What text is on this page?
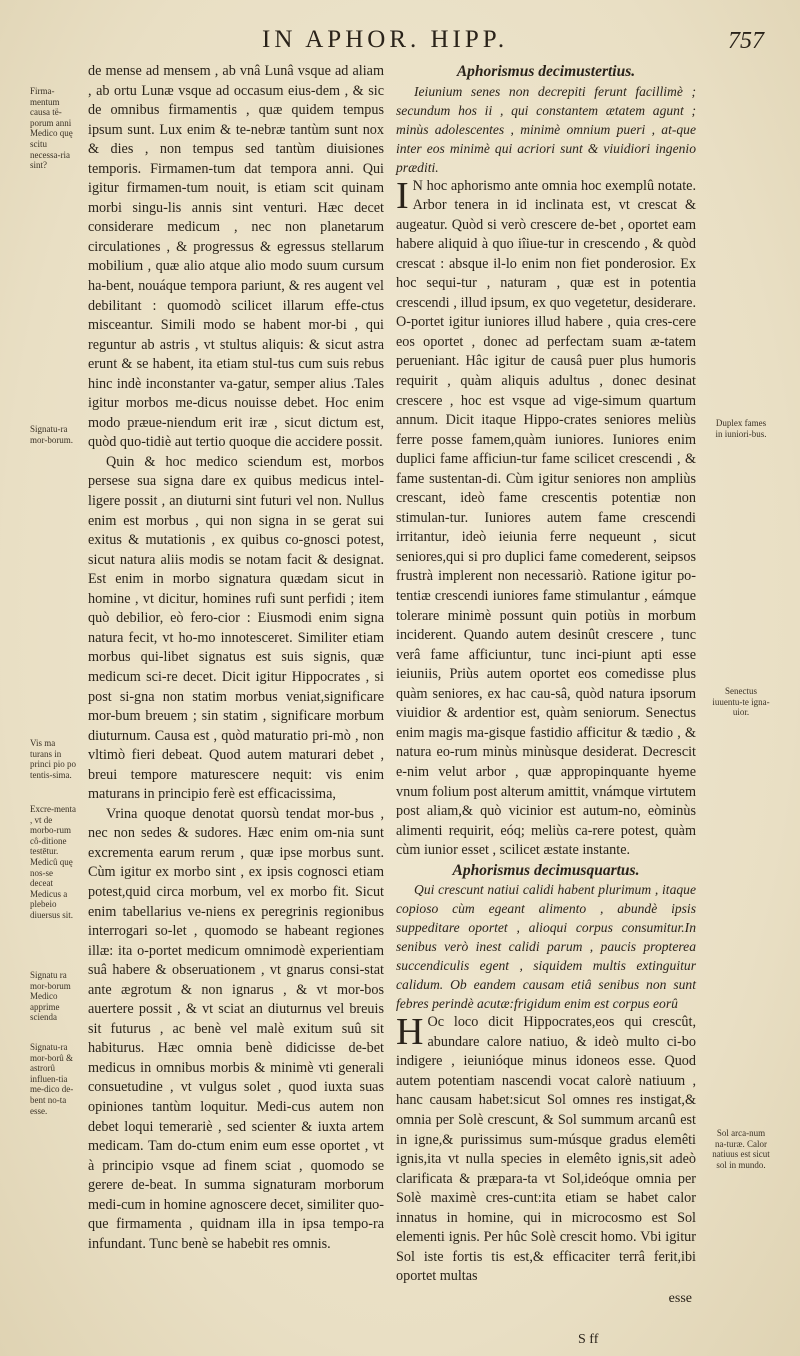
IN APHOR. HIPP.	757

de mense ad mensem , ab vnâ Lunâ vsque ad aliam , ab ortu Lunæ vsque ad occasum eius-dem , & sic de omnibus firmamentis , quæ quidem tempus ipsum sunt. Lux enim & te-nebræ tantùm sunt nox & dies , non tempus sed tantùm diuisiones temporis. Firmamen-tum dat tempora anni. Qui igitur firmamen-tum nouit, is etiam scit quinam morbi singu-lis annis sint venturi. Hæc decet considerare medicum , nec non planetarum circulationes , & progressus & egressus stellarum mobilium , quæ alio atque alio modo suum cursum ha-bent, nouáque tempora pariunt, & res augent vel debilitant : quomodò scilicet illarum effe-ctus misceantur. Simili modo se habent mor-bi , qui reguntur ab astris , vt stultus aliquis: & sicut astra erunt & se habent, ita etiam stul-tus cum suis rebus hinc indè inconstanter va-gatur, semper alius .Tales igitur morbos me-dicus nouisse debet. Hoc enim modo præue-niendum erit iræ , sicut dictum est, quòd quo-tidiè aut tertio quoque die accidere possit.

Quin & hoc medico sciendum est, morbos persese sua signa dare ex quibus medicus intel-ligere possit , an diuturni sint futuri vel non. Nullus enim est morbus , qui non signa in se gerat sui exitus & mutationis , ex quibus co-gnosci potest, sicut natura aliis modis se notam facit & designat. Est enim in morbo signatura quædam sicut in homine , vt dicitur, homines rufi sunt perfidi ; item quò debilior, eò fero-cior : Eiusmodi enim signa natura fecit, vt ho-mo innotesceret. Similiter etiam morbus qui-libet signatus est suis signis, quæ medicum sci-re decet. Dicit igitur Hippocrates , si post si-gna non statim morbus veniat,significare mor-bum breuem ; sin statim , significare morbum diuturnum. Causa est , quòd maturatio pri-mò , non vltimò fieri debeat. Quod autem maturari debet , breui tempore maturescere nequit: vis enim maturans in principio ferè est efficacissima,

Vrina quoque denotat quorsù tendat mor-bus , nec non sedes & sudores. Hæc enim om-nia sunt excrementa earum rerum , quæ ipse morbus sunt. Cùm igitur ex morbo sint , ex ipsis cognosci etiam potest,quid circa morbum, vel ex morbo fit. Sicut enim tabellarius ve-niens ex peregrinis regionibus interrogari so-let , quomodo se habeant regiones illæ: ita o-portet medicum omnimodè experientiam suâ habere & obseruationem , vt gnarus consi-stat ante ægrotum & non ignarus , & vt mor-bos auertere possit , & vt sciat an diuturnus vel breuis sit futurus , ac benè vel malè exitum suû sit habiturus. Hæc omnia benè didicisse de-bet medicus in omnibus morbis & minimè vti generali consuetudine , vt vulgus solet , quod iuxta suas opiniones tantùm loquitur. Medi-cus autem non debet loqui temerariè , sed scienter & iuxta artem medicam. Tam do-ctum enim eum esse oportet , vt à principio vsque ad finem sciat , quomodo se gerere de-beat. In summa signaturam morborum medi-cum in homine agnoscere decet, similiter quo-que firmamenta , quidnam illa in ipsa tempo-ra infundant. Tunc benè se habebit res omnis.

Aphorismus decimustertius.

Ieiunium senes non decrepiti ferunt facillimè ; secundum hos ii , qui constantem ætatem agunt ; minùs adolescentes , minimè omnium pueri , at-que inter eos minimè qui acriori sunt & viuidiori ingenio præditi.

I N hoc aphorismo ante omnia hoc exemplû notate. Arbor tenera in id inclinata est, vt crescat & augeatur. Quòd si verò crescere de-bet , oportet eam habere aliquid à quo iîiue-tur in crescendo , & quòd crescat : absque il-lo enim non fiet ponderosior. Ex hoc sequi-tur , naturam , quæ est in potentia crescendi , illud ipsum, ex quo vegetetur, desiderare. O-portet igitur iuniores illud habere , quia cres-cere eos oportet , donec ad perfectam suam æ-tatem perueniant. Hâc igitur de causâ puer plus humoris requirit , quàm aliquis adultus , donec desinat crescere , hoc est vsque ad vige-simum quartum annum. Dicit itaque Hippo-crates seniores meliùs ferre posse famem,quàm iuniores. Iuniores enim duplici fame afficiun-tur fame scilicet crescendi , & fame sustentan-di. Cùm igitur seniores non ampliùs crescant, ideò fame crescentis potentiæ non stimulan-tur. Iuniores autem fame crescendi irritantur, ideò ieiunia ferre nequeunt , sicut seniores,qui si pro duplici fame comederent, seipsos frustrà implerent non necessariò. Ratione igitur po-tentiæ crescendi iuniores fame stimulantur , eámque tolerare minimè possunt quin potiùs in morbum inciderent. Quando autem desinût crescere , tunc verâ fame afficiuntur, tunc inci-piunt apti esse ieiuniis, Priùs autem oportet eos comedisse plus quàm seniores, ex hac cau-sâ, quòd natura ipsorum viuidior & ardentior est, quàm seniorum. Senectus enim magis ma-gisque fastidio afficitur & tædio , & natura eo-rum minùs minùsque desiderat. Decrescit e-nim velut arbor , quæ appropinquante hyeme vnum folium post alterum amittit, vnámque virtutem post aliam,& quò vicinior est autum-no, eòminùs alimenti requirit, eóq; meliùs ca-rere potest, quàm cùm iunior esset , scilicet æstate instante.

Aphorismus decimusquartus.

Qui crescunt natiui calidi habent plurimum , itaque copioso cùm egeant alimento , abundè ipsis suppeditare oportet , alioqui corpus consumitur.In senibus verò inest calidi parum , paucis propterea succendiculis egent , siquidem multis extinguitur calidum. Ob eandem causam etiâ senibus non sunt febres perindè acutæ:frigidum enim est corpus eorû

H Oc loco dicit Hippocrates,eos qui crescût, abundare calore natiuo, & ideò multo ci-bo indigere , ieiunióque minus idoneos esse. Quod autem potentiam nascendi vocat calorè natiuum , hanc causam habet:sicut Sol omnes res instigat,& omnia per Solè crescunt, & Sol summum arcanû est in igne,& purissimus sum-músque gradus elemêti ignis,ita vt nulla species in elemêto ignis,sit adeò clarificata & præpara-ta vt Sol,ideóque omnia per Solè maximè cres-cunt:ita etiam se habet calor innatus in homine, qui in microcosmo est Sol elementi ignis. Per hûc Solè crescit homo. Vbi igitur Sol iste fortis tis est,& efficaciter terrâ ferit,ibi oportet multas

esse
S ff
Firma-mentum causa të-porum anni Medico quę scitu necessa-ria sint?
Signatu-ra mor-borum.
Vis ma turans in princi pio po tentis-sima.
Excre-menta , vt de morbo-rum cô-ditione testētur. Medicû quę nos-se deceat Medicus a plebeio diuersus sit.
Signatu ra mor-borum Medico apprime scienda
Signatu-ra mor-borû & astrorû influen-tia me-dico de-bent no-ta esse.
Duplex fames in iuniori-bus.
Senectus iuuentu-te igna-uior.
Sol arca-num na-turæ. Calor natiuus est sicut sol in mundo.
